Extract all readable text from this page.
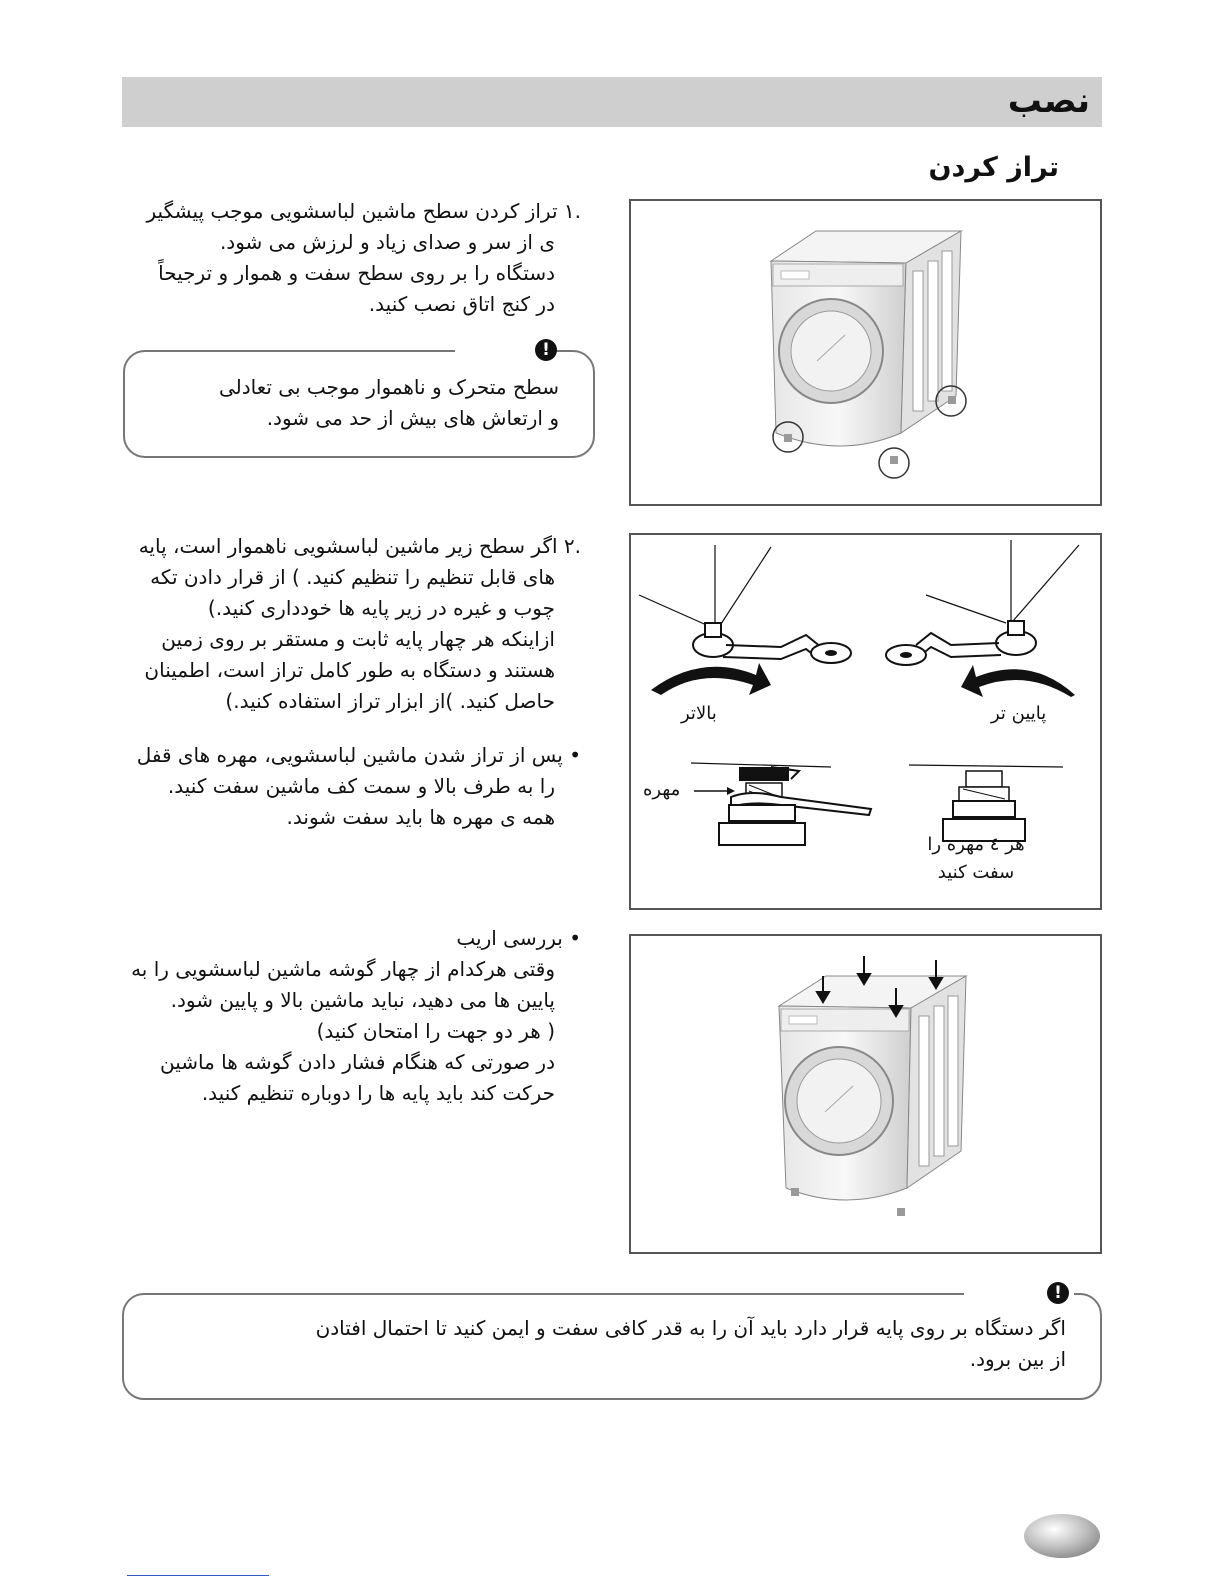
نصب
تراز کردن
.۱ تراز کردن سطح ماشین لباسشویی موجب پیشگیر
ی از سر و صدای زیاد و لرزش می شود.
دستگاه را بر روی سطح سفت و هموار و ترجیحاً
در کنج اتاق نصب کنید.
!
سطح متحرک و ناهموار موجب بی تعادلی
و ارتعاش های بیش از حد می شود.
.۲ اگر سطح زیر ماشین لباسشویی ناهموار است، پایه
های قابل تنظیم را تنظیم کنید. ) از قرار دادن تکه
چوب و غیره در زیر پایه ها خودداری کنید.)
ازاینکه هر چهار پایه ثابت و مستقر بر روی زمین
هستند و دستگاه به طور کامل تراز است، اطمینان
حاصل کنید. )از ابزار تراز استفاده کنید.)
• پس از تراز شدن ماشین لباسشویی، مهره های قفل
را به طرف بالا و سمت کف ماشین سفت کنید.
همه ی مهره ها باید سفت شوند.
بالاتر	پایین تر
مهره
هر ٤ مهره را
سفت کنید
• بررسی اریب
وقتی هرکدام از چهار گوشه ماشین لباسشویی را به
پایین ها می دهید، نباید ماشین بالا و پایین شود.
( هر دو جهت را امتحان کنید)
در صورتی که هنگام فشار دادن گوشه ها ماشین
حرکت کند باید پایه ها را دوباره تنظیم کنید.
!
اگر دستگاه بر روی پایه قرار دارد باید آن را به قدر کافی سفت و ایمن کنید تا احتمال افتادن
از بین برود.
